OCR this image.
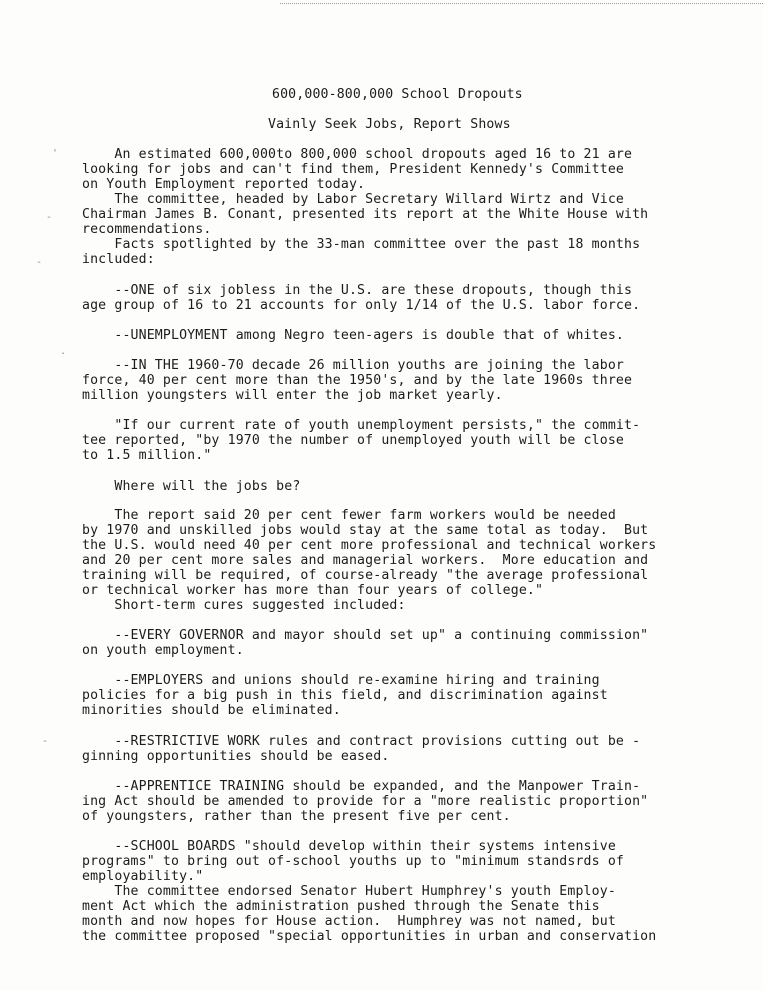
600,000-800,000 School Dropouts
Vainly Seek Jobs, Report Shows
An estimated 600,000to 800,000 school dropouts aged 16 to 21 are
looking for jobs and can't find them, President Kennedy's Committee
on Youth Employment reported today.
The committee, headed by Labor Secretary Willard Wirtz and Vice
Chairman James B. Conant, presented its report at the White House with
recommendations.
Facts spotlighted by the 33-man committee over the past 18 months
included:
--ONE of six jobless in the U.S. are these dropouts, though this
age group of 16 to 21 accounts for only 1/14 of the U.S. labor force.
--UNEMPLOYMENT among Negro teen-agers is double that of whites.
--IN THE 1960-70 decade 26 million youths are joining the labor
force, 40 per cent more than the 1950's, and by the late 1960s three
million youngsters will enter the job market yearly.
"If our current rate of youth unemployment persists," the commit-
tee reported, "by 1970 the number of unemployed youth will be close
to 1.5 million."
Where will the jobs be?
The report said 20 per cent fewer farm workers would be needed
by 1970 and unskilled jobs would stay at the same total as today.  But
the U.S. would need 40 per cent more professional and technical workers
and 20 per cent more sales and managerial workers.  More education and
training will be required, of course-already "the average professional
or technical worker has more than four years of college."
Short-term cures suggested included:
--EVERY GOVERNOR and mayor should set up" a continuing commission"
on youth employment.
--EMPLOYERS and unions should re-examine hiring and training
policies for a big push in this field, and discrimination against
minorities should be eliminated.
--RESTRICTIVE WORK rules and contract provisions cutting out be -
ginning opportunities should be eased.
--APPRENTICE TRAINING should be expanded, and the Manpower Train-
ing Act should be amended to provide for a "more realistic proportion"
of youngsters, rather than the present five per cent.
--SCHOOL BOARDS "should develop within their systems intensive
programs" to bring out of-school youths up to "minimum standsrds of
employability."
The committee endorsed Senator Hubert Humphrey's youth Employ-
ment Act which the administration pushed through the Senate this
month and now hopes for House action.  Humphrey was not named, but
the committee proposed "special opportunities in urban and conservation
'
-
-
.
-
